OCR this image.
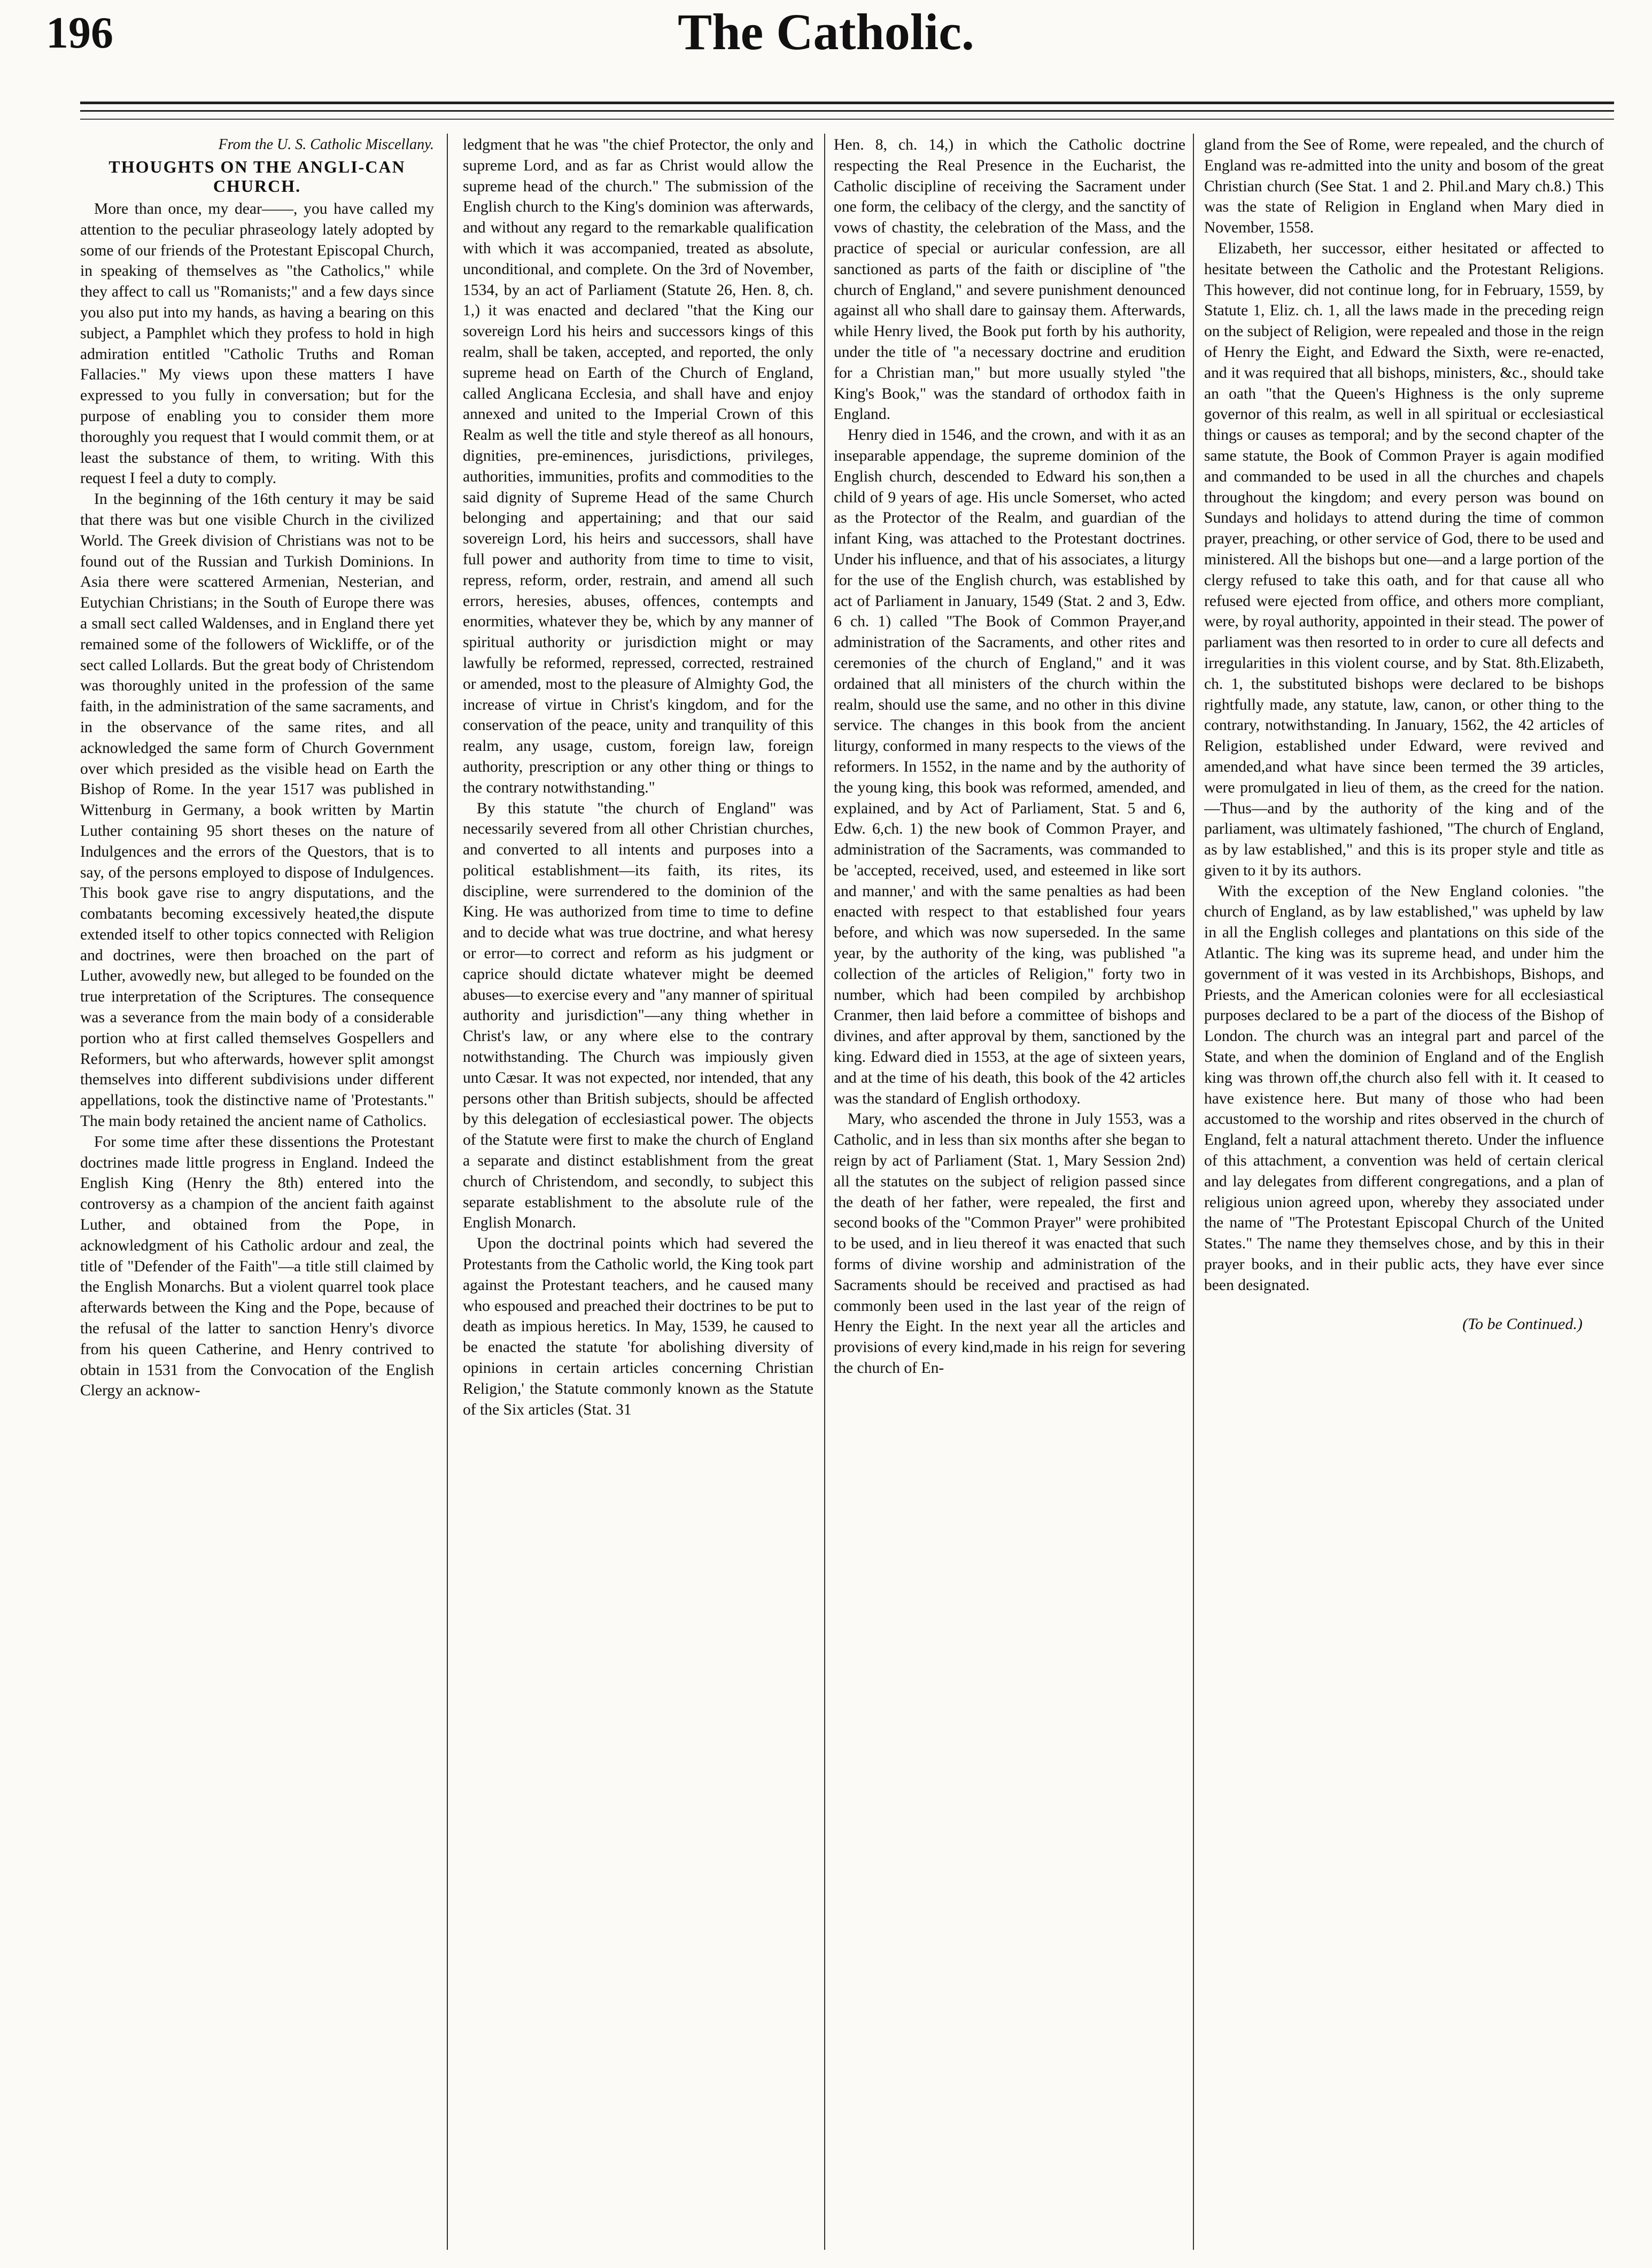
196	The Catholic.
From the U. S. Catholic Miscellany.
THOUGHTS ON THE ANGLI-CAN CHURCH.

More than once, my dear——, you have called my attention to the peculiar phraseology lately adopted by some of our friends of the Protestant Episcopal Church, in speaking of themselves as "the Catholics," while they affect to call us "Romanists;" and a few days since you also put into my hands, as having a bearing on this subject, a Pamphlet which they profess to hold in high admiration entitled "Catholic Truths and Roman Fallacies." My views upon these matters I have expressed to you fully in conversation; but for the purpose of enabling you to consider them more thoroughly you request that I would commit them, or at least the substance of them, to writing. With this request I feel a duty to comply.

In the beginning of the 16th century it may be said that there was but one visible Church in the civilized World. The Greek division of Christians was not to be found out of the Russian and Turkish Dominions. In Asia there were scattered Armenian, Nesterian, and Eutychian Christians; in the South of Europe there was a small sect called Waldenses, and in England there yet remained some of the followers of Wickliffe, or of the sect called Lollards. But the great body of Christendom was thoroughly united in the profession of the same faith, in the administration of the same sacraments, and in the observance of the same rites, and all acknowledged the same form of Church Government over which presided as the visible head on Earth the Bishop of Rome. In the year 1517 was published in Wittenburg in Germany, a book written by Martin Luther containing 95 short theses on the nature of Indulgences and the errors of the Questors, that is to say, of the persons employed to dispose of Indulgences. This book gave rise to angry disputations, and the combatants becoming excessively heated,the dispute extended itself to other topics connected with Religion and doctrines, were then broached on the part of Luther, avowedly new, but alleged to be founded on the true interpretation of the Scriptures. The consequence was a severance from the main body of a considerable portion who at first called themselves Gospellers and Reformers, but who afterwards, however split amongst themselves into different subdivisions under different appellations, took the distinctive name of 'Protestants." The main body retained the ancient name of Catholics.

For some time after these dissentions the Protestant doctrines made little progress in England. Indeed the English King (Henry the 8th) entered into the controversy as a champion of the ancient faith against Luther, and obtained from the Pope, in acknowledgment of his Catholic ardour and zeal, the title of "Defender of the Faith"—a title still claimed by the English Monarchs. But a violent quarrel took place afterwards between the King and the Pope, because of the refusal of the latter to sanction Henry's divorce from his queen Catherine, and Henry contrived to obtain in 1531 from the Convocation of the English Clergy an acknow-

ledgment that he was "the chief Protector, the only and supreme Lord, and as far as Christ would allow the supreme head of the church." The submission of the English church to the King's dominion was afterwards, and without any regard to the remarkable qualification with which it was accompanied, treated as absolute, unconditional, and complete. On the 3rd of November, 1534, by an act of Parliament (Statute 26, Hen. 8, ch. 1,) it was enacted and declared "that the King our sovereign Lord his heirs and successors kings of this realm, shall be taken, accepted, and reported, the only supreme head on Earth of the Church of England, called Anglicana Ecclesia, and shall have and enjoy annexed and united to the Imperial Crown of this Realm as well the title and style thereof as all honours, dignities, pre-eminences, jurisdictions, privileges, authorities, immunities, profits and commodities to the said dignity of Supreme Head of the same Church belonging and appertaining; and that our said sovereign Lord, his heirs and successors, shall have full power and authority from time to time to visit, repress, reform, order, restrain, and amend all such errors, heresies, abuses, offences, contempts and enormities, whatever they be, which by any manner of spiritual authority or jurisdiction might or may lawfully be reformed, repressed, corrected, restrained or amended, most to the pleasure of Almighty God, the increase of virtue in Christ's kingdom, and for the conservation of the peace, unity and tranquility of this realm, any usage, custom, foreign law, foreign authority, prescription or any other thing or things to the contrary notwithstanding."

By this statute "the church of England" was necessarily severed from all other Christian churches, and converted to all intents and purposes into a political establishment—its faith, its rites, its discipline, were surrendered to the dominion of the King. He was authorized from time to time to define and to decide what was true doctrine, and what heresy or error—to correct and reform as his judgment or caprice should dictate whatever might be deemed abuses—to exercise every and "any manner of spiritual authority and jurisdiction"—any thing whether in Christ's law, or any where else to the contrary notwithstanding. The Church was impiously given unto Cæsar. It was not expected, nor intended, that any persons other than British subjects, should be affected by this delegation of ecclesiastical power. The objects of the Statute were first to make the church of England a separate and distinct establishment from the great church of Christendom, and secondly, to subject this separate establishment to the absolute rule of the English Monarch.

Upon the doctrinal points which had severed the Protestants from the Catholic world, the King took part against the Protestant teachers, and he caused many who espoused and preached their doctrines to be put to death as impious heretics. In May, 1539, he caused to be enacted the statute 'for abolishing diversity of opinions in certain articles concerning Christian Religion,' the Statute commonly known as the Statute of the Six articles (Stat. 31

Hen. 8, ch. 14,) in which the Catholic doctrine respecting the Real Presence in the Eucharist, the Catholic discipline of receiving the Sacrament under one form, the celibacy of the clergy, and the sanctity of vows of chastity, the celebration of the Mass, and the practice of special or auricular confession, are all sanctioned as parts of the faith or discipline of "the church of England," and severe punishment denounced against all who shall dare to gainsay them. Afterwards, while Henry lived, the Book put forth by his authority, under the title of "a necessary doctrine and erudition for a Christian man," but more usually styled "the King's Book," was the standard of orthodox faith in England.

Henry died in 1546, and the crown, and with it as an inseparable appendage, the supreme dominion of the English church, descended to Edward his son,then a child of 9 years of age. His uncle Somerset, who acted as the Protector of the Realm, and guardian of the infant King, was attached to the Protestant doctrines. Under his influence, and that of his associates, a liturgy for the use of the English church, was established by act of Parliament in January, 1549 (Stat. 2 and 3, Edw. 6 ch. 1) called "The Book of Common Prayer,and administration of the Sacraments, and other rites and ceremonies of the church of England," and it was ordained that all ministers of the church within the realm, should use the same, and no other in this divine service. The changes in this book from the ancient liturgy, conformed in many respects to the views of the reformers. In 1552, in the name and by the authority of the young king, this book was reformed, amended, and explained, and by Act of Parliament, Stat. 5 and 6, Edw. 6,ch. 1) the new book of Common Prayer, and administration of the Sacraments, was commanded to be 'accepted, received, used, and esteemed in like sort and manner,' and with the same penalties as had been enacted with respect to that established four years before, and which was now superseded. In the same year, by the authority of the king, was published "a collection of the articles of Religion," forty two in number, which had been compiled by archbishop Cranmer, then laid before a committee of bishops and divines, and after approval by them, sanctioned by the king. Edward died in 1553, at the age of sixteen years, and at the time of his death, this book of the 42 articles was the standard of English orthodoxy.

Mary, who ascended the throne in July 1553, was a Catholic, and in less than six months after she began to reign by act of Parliament (Stat. 1, Mary Session 2nd) all the statutes on the subject of religion passed since the death of her father, were repealed, the first and second books of the "Common Prayer" were prohibited to be used, and in lieu thereof it was enacted that such forms of divine worship and administration of the Sacraments should be received and practised as had commonly been used in the last year of the reign of Henry the Eight. In the next year all the articles and provisions of every kind,made in his reign for severing the church of En-

gland from the See of Rome, were repealed, and the church of England was re-admitted into the unity and bosom of the great Christian church (See Stat. 1 and 2. Phil.and Mary ch.8.) This was the state of Religion in England when Mary died in November, 1558.

Elizabeth, her successor, either hesitated or affected to hesitate between the Catholic and the Protestant Religions. This however, did not continue long, for in February, 1559, by Statute 1, Eliz. ch. 1, all the laws made in the preceding reign on the subject of Religion, were repealed and those in the reign of Henry the Eight, and Edward the Sixth, were re-enacted, and it was required that all bishops, ministers, &c., should take an oath "that the Queen's Highness is the only supreme governor of this realm, as well in all spiritual or ecclesiastical things or causes as temporal; and by the second chapter of the same statute, the Book of Common Prayer is again modified and commanded to be used in all the churches and chapels throughout the kingdom; and every person was bound on Sundays and holidays to attend during the time of common prayer, preaching, or other service of God, there to be used and ministered. All the bishops but one—and a large portion of the clergy refused to take this oath, and for that cause all who refused were ejected from office, and others more compliant, were, by royal authority, appointed in their stead. The power of parliament was then resorted to in order to cure all defects and irregularities in this violent course, and by Stat. 8th.Elizabeth, ch. 1, the substituted bishops were declared to be bishops rightfully made, any statute, law, canon, or other thing to the contrary, notwithstanding. In January, 1562, the 42 articles of Religion, established under Edward, were revived and amended,and what have since been termed the 39 articles, were promulgated in lieu of them, as the creed for the nation.—Thus—and by the authority of the king and of the parliament, was ultimately fashioned, "The church of England, as by law established," and this is its proper style and title as given to it by its authors.

With the exception of the New England colonies. "the church of England, as by law established," was upheld by law in all the English colleges and plantations on this side of the Atlantic. The king was its supreme head, and under him the government of it was vested in its Archbishops, Bishops, and Priests, and the American colonies were for all ecclesiastical purposes declared to be a part of the diocess of the Bishop of London. The church was an integral part and parcel of the State, and when the dominion of England and of the English king was thrown off,the church also fell with it. It ceased to have existence here. But many of those who had been accustomed to the worship and rites observed in the church of England, felt a natural attachment thereto. Under the influence of this attachment, a convention was held of certain clerical and lay delegates from different congregations, and a plan of religious union agreed upon, whereby they associated under the name of "The Protestant Episcopal Church of the United States." The name they themselves chose, and by this in their prayer books, and in their public acts, they have ever since been designated.

(To be Continued.)
